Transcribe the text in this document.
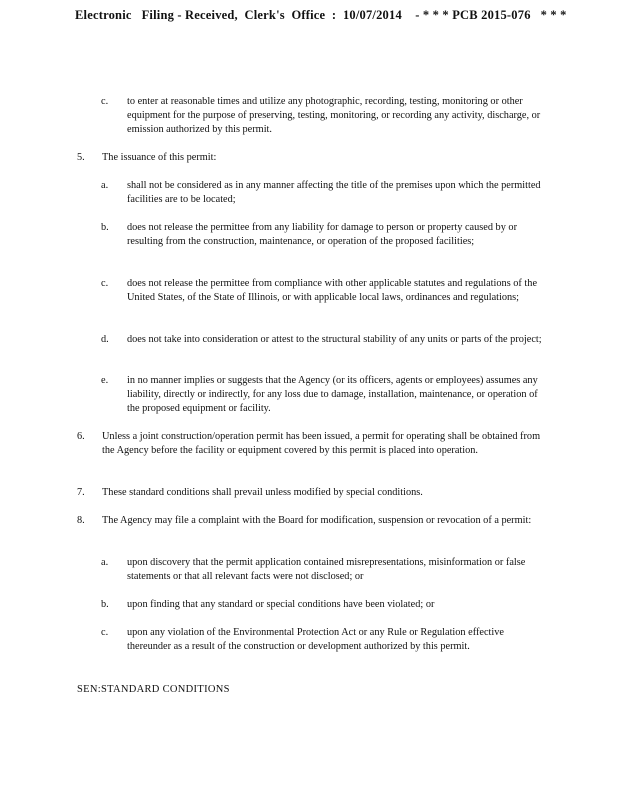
Electronic   Filing - Received,  Clerk's  Office  :  10/07/2014    - * * * PCB 2015-076   * * *
c. to enter at reasonable times and utilize any photographic, recording, testing, monitoring or other equipment for the purpose of preserving, testing, monitoring, or recording any activity, discharge, or emission authorized by this permit.
5. The issuance of this permit:
a. shall not be considered as in any manner affecting the title of the premises upon which the permitted facilities are to be located;
b. does not release the permittee from any liability for damage to person or property caused by or resulting from the construction, maintenance, or operation of the proposed facilities;
c. does not release the permittee from compliance with other applicable statutes and regulations of the United States, of the State of Illinois, or with applicable local laws, ordinances and regulations;
d. does not take into consideration or attest to the structural stability of any units or parts of the project;
e. in no manner implies or suggests that the Agency (or its officers, agents or employees) assumes any liability, directly or indirectly, for any loss due to damage, installation, maintenance, or operation of the proposed equipment or facility.
6. Unless a joint construction/operation permit has been issued, a permit for operating shall be obtained from the Agency before the facility or equipment covered by this permit is placed into operation.
7. These standard conditions shall prevail unless modified by special conditions.
8. The Agency may file a complaint with the Board for modification, suspension or revocation of a permit:
a. upon discovery that the permit application contained misrepresentations, misinformation or false statements or that all relevant facts were not disclosed; or
b. upon finding that any standard or special conditions have been violated; or
c. upon any violation of the Environmental Protection Act or any Rule or Regulation effective thereunder as a result of the construction or development authorized by this permit.
SEN:STANDARD CONDITIONS
